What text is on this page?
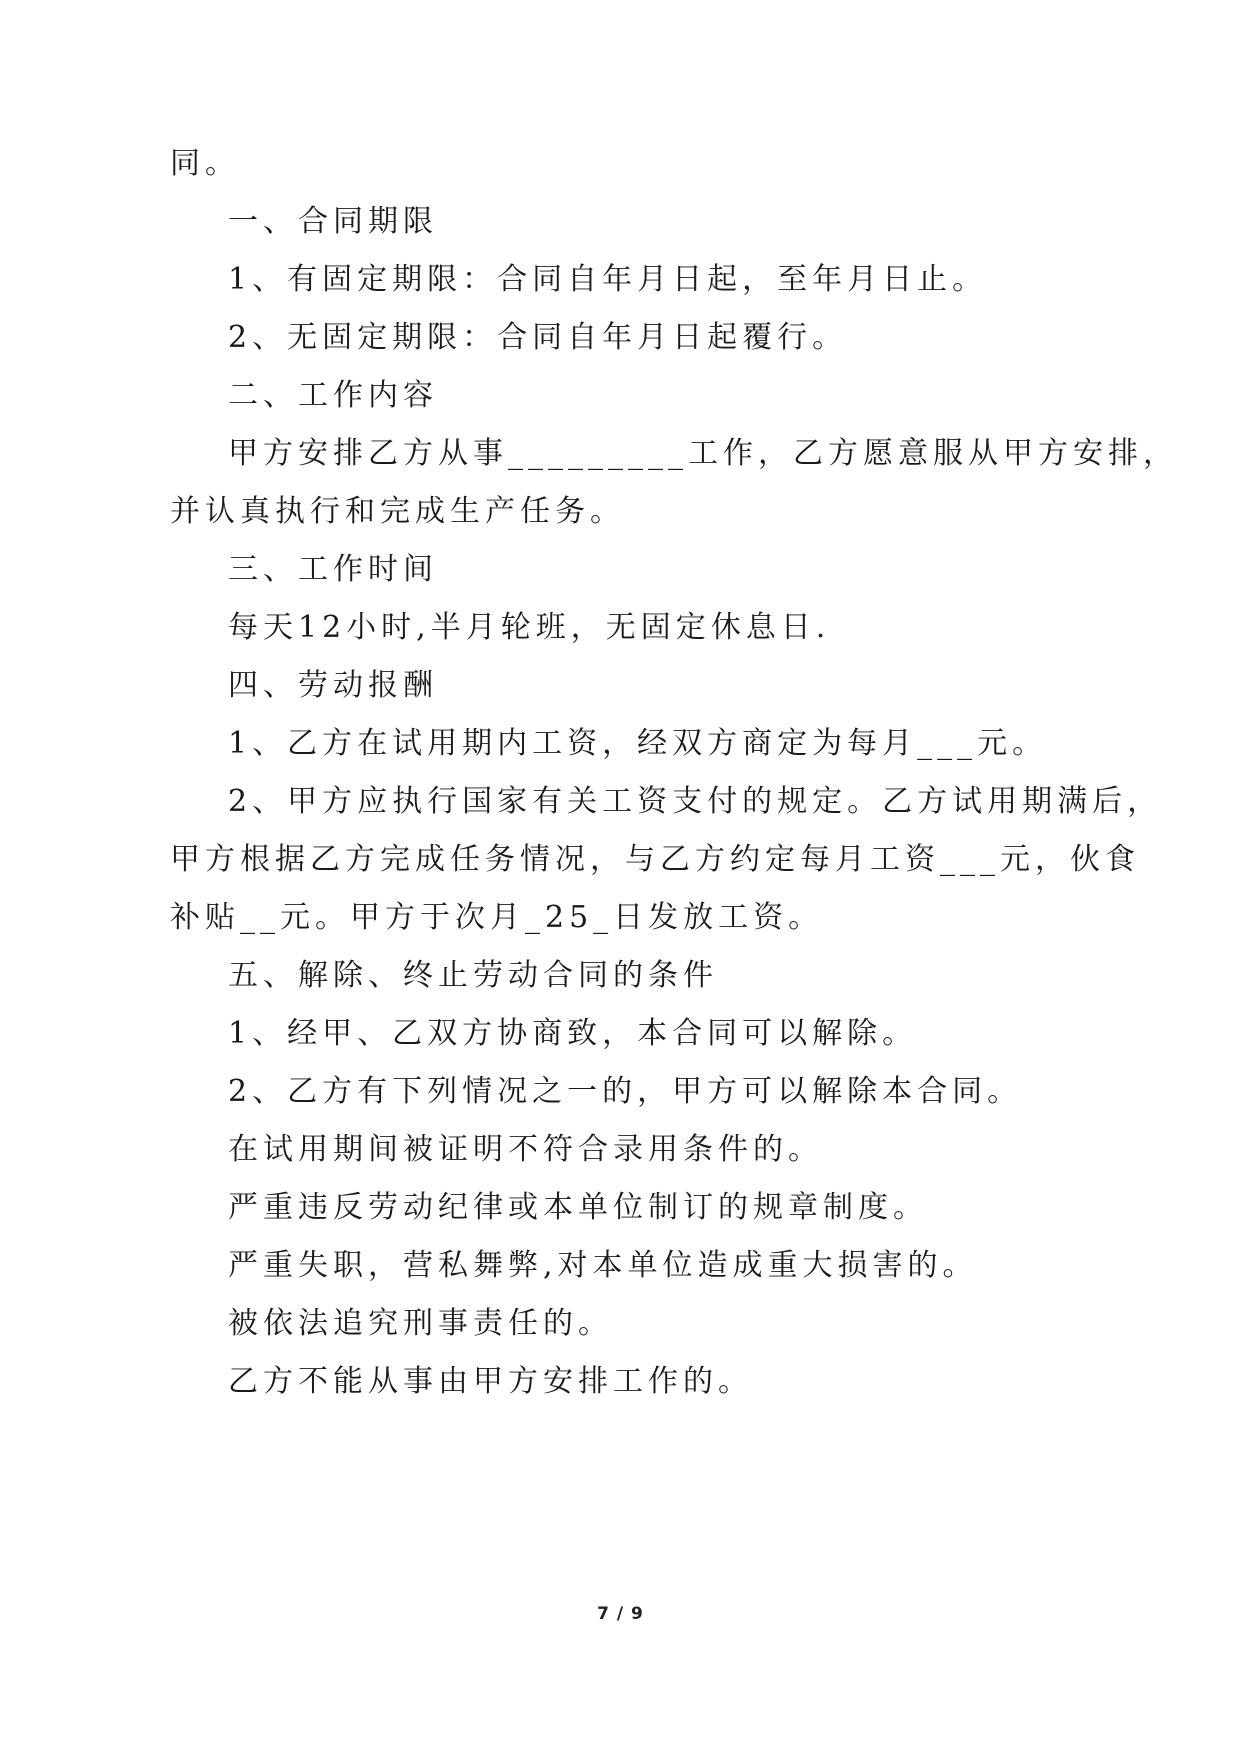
同。
一、合同期限
1、有固定期限：合同自年月日起，至年月日止。
2、无固定期限：合同自年月日起覆行。
二、工作内容
甲方安排乙方从事_________工作，乙方愿意服从甲方安排，
并认真执行和完成生产任务。
三、工作时间
每天12小时,半月轮班，无固定休息日.
四、劳动报酬
1、乙方在试用期内工资，经双方商定为每月___元。
2、甲方应执行国家有关工资支付的规定。乙方试用期满后，
甲方根据乙方完成任务情况，与乙方约定每月工资___元，伙食
补贴__元。甲方于次月_25_日发放工资。
五、解除、终止劳动合同的条件
1、经甲、乙双方协商致，本合同可以解除。
2、乙方有下列情况之一的，甲方可以解除本合同。
在试用期间被证明不符合录用条件的。
严重违反劳动纪律或本单位制订的规章制度。
严重失职，营私舞弊,对本单位造成重大损害的。
被依法追究刑事责任的。
乙方不能从事由甲方安排工作的。
7 / 9
